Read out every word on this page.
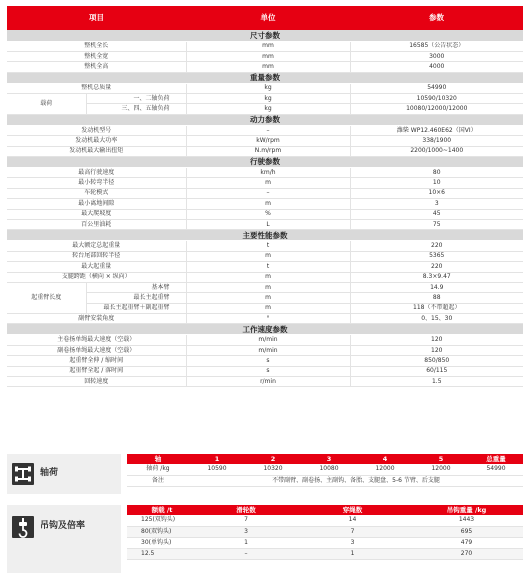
项目		单位	参数
尺寸参数			
整机全长		mm	16585（公告状态）
整机全宽		mm	3000
整机全高		mm	4000
重量参数			
整机总质量		kg	54990
载荷	一、二轴负荷	kg	10590/10320
	三、四、五轴负荷	kg	10080/12000/12000
动力参数			
发动机型号		–	潍柴 WP12.460E62（国VI）
发动机最大功率		kW/rpm	338/1900
发动机最大输出扭矩		N.m/rpm	2200/1000~1400
行驶参数			
最高行驶速度		km/h	80
最小转弯半径		m	10
车轮模式		–	10×6
最小离地间隙		m	3
最大爬坡度		%	45
百公里油耗		L	75
主要性能参数			
最大额定总起重量		t	220
转台尾部回转半径		m	5365
最大起重量		t	220
支腿跨距（横向 × 纵向）		m	8.3×9.47
起重臂长度	基本臂	m	14.9
	最长主起重臂	m	88
	最长主起重臂＋副起重臂	m	118（不带超起）
副臂安装角度		°	0、15、30
工作速度参数			
主卷扬单绳最大速度（空载）		m/min	120
副卷扬单绳最大速度（空载）		m/min	120
起重臂全伸 / 缩时间		s	850/850
起重臂全起 / 落时间		s	60/115
回转速度		r/min	1.5
轴荷
轴	1	2	3	4	5	总重量
轴荷 /kg	10590	10320	10080	12000	12000	54990
备注	不带副臂、副卷扬、主副钩、备胎、支腿盘、5-6 节臂、后支腿					
吊钩及倍率
额载 /t	滑轮数	穿绳数	吊钩重量 /kg
125(双钩头)	7	14	1443
80(双钩头)	3	7	695
30(单钩头)	1	3	479
12.5	–	1	270
